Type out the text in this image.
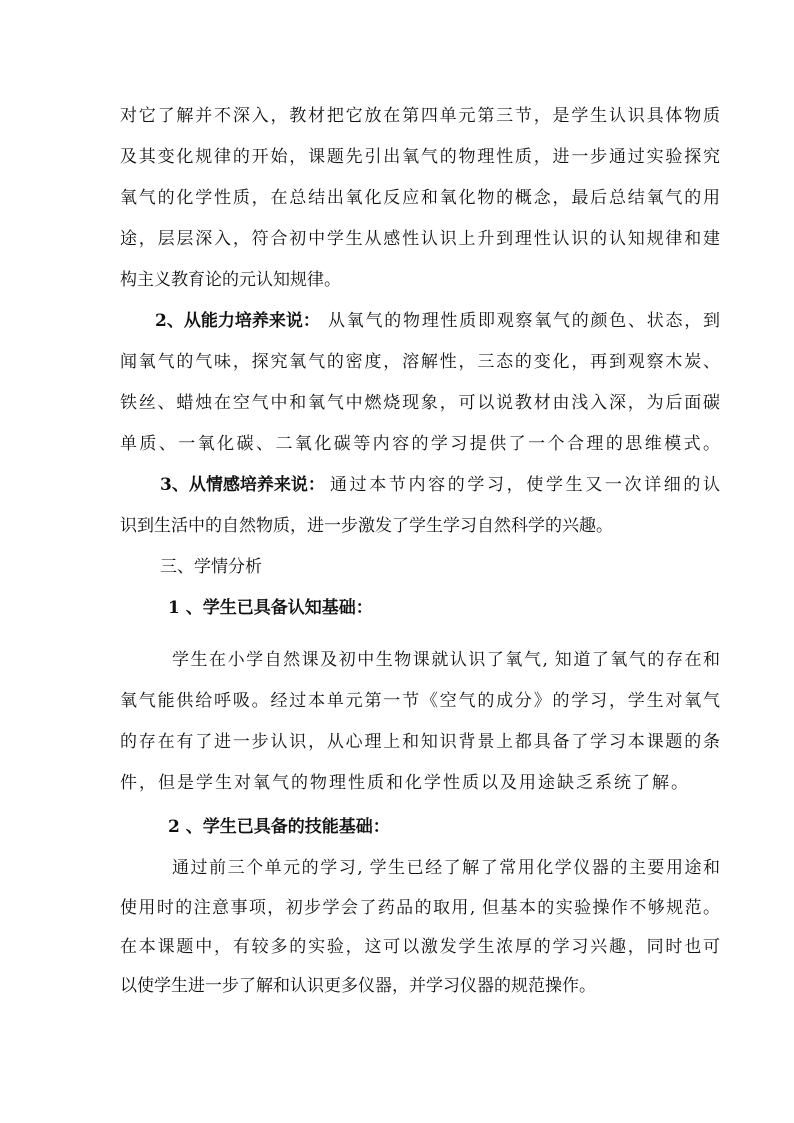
对它了解并不深入，教材把它放在第四单元第三节，是学生认识具体物质
及其变化规律的开始，课题先引出氧气的物理性质，进一步通过实验探究
氧气的化学性质，在总结出氧化反应和氧化物的概念，最后总结氧气的用
途，层层深入，符合初中学生从感性认识上升到理性认识的认知规律和建
构主义教育论的元认知规律。
2、从能力培养来说： 从氧气的物理性质即观察氧气的颜色、状态，到
闻氧气的气味，探究氧气的密度，溶解性，三态的变化，再到观察木炭、
铁丝、蜡烛在空气中和氧气中燃烧现象，可以说教材由浅入深，为后面碳
单质、一氧化碳、二氧化碳等内容的学习提供了一个合理的思维模式。
3、从情感培养来说： 通过本节内容的学习，使学生又一次详细的认
识到生活中的自然物质，进一步激发了学生学习自然科学的兴趣。
三、学情分析
1 、学生已具备认知基础：
学生在小学自然课及初中生物课就认识了氧气, 知道了氧气的存在和
氧气能供给呼吸。经过本单元第一节《空气的成分》的学习，学生对氧气
的存在有了进一步认识，从心理上和知识背景上都具备了学习本课题的条
件，但是学生对氧气的物理性质和化学性质以及用途缺乏系统了解。
2 、学生已具备的技能基础：
通过前三个单元的学习, 学生已经了解了常用化学仪器的主要用途和
使用时的注意事项，初步学会了药品的取用, 但基本的实验操作不够规范。
在本课题中，有较多的实验，这可以激发学生浓厚的学习兴趣，同时也可
以使学生进一步了解和认识更多仪器，并学习仪器的规范操作。
